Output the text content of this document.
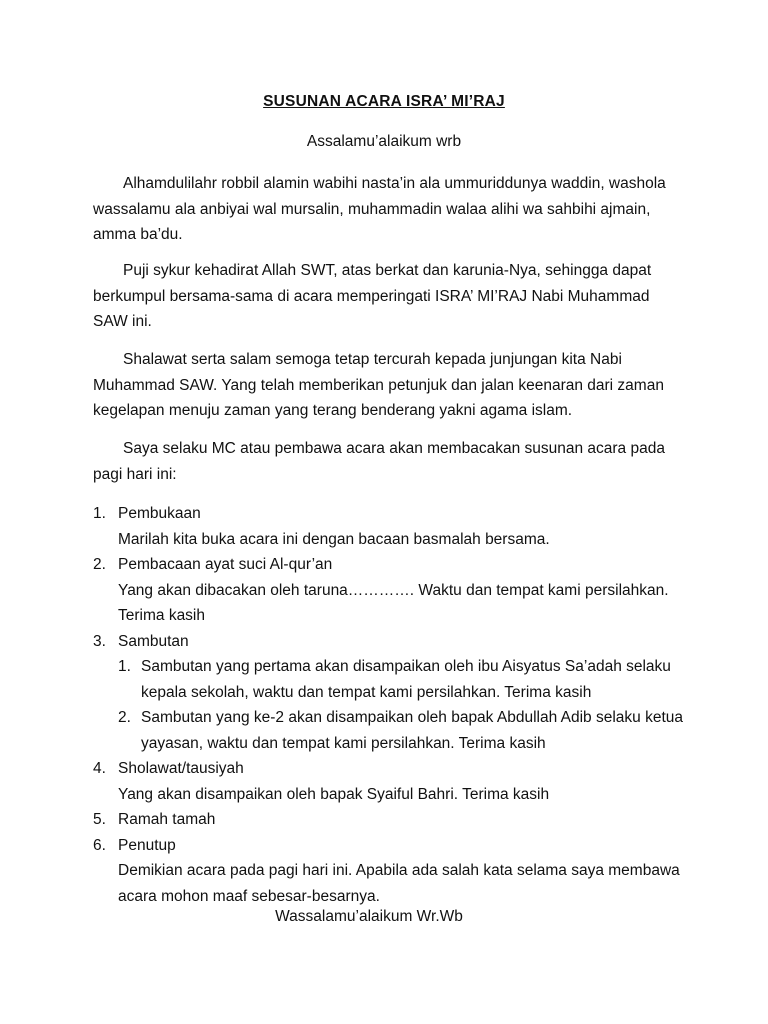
SUSUNAN ACARA ISRA’ MI’RAJ
Assalamu’alaikum wrb

Alhamdulilahr robbil alamin wabihi nasta’in ala ummuriddunya waddin, washola wassalamu ala anbiyai wal mursalin, muhammadin walaa alihi wa sahbihi ajmain, amma ba’du.

Puji sykur kehadirat Allah SWT, atas berkat dan karunia-Nya, sehingga dapat berkumpul bersama-sama di acara memperingati ISRA’ MI’RAJ Nabi Muhammad SAW ini.

Shalawat serta salam semoga tetap tercurah kepada junjungan kita Nabi Muhammad SAW. Yang telah memberikan petunjuk dan jalan keenaran dari zaman kegelapan menuju zaman yang terang benderang yakni agama islam.

Saya selaku MC atau pembawa acara akan membacakan susunan acara pada pagi hari ini:

1. Pembukaan
Marilah kita buka acara ini dengan bacaan basmalah bersama.
2. Pembacaan ayat suci Al-qur’an
Yang akan dibacakan oleh taruna…………. Waktu dan tempat kami persilahkan. Terima kasih
3. Sambutan
1. Sambutan yang pertama akan disampaikan oleh ibu Aisyatus Sa’adah selaku kepala sekolah, waktu dan tempat kami persilahkan. Terima kasih
2. Sambutan yang ke-2 akan disampaikan oleh bapak Abdullah Adib selaku ketua yayasan, waktu dan tempat kami persilahkan. Terima kasih
4. Sholawat/tausiyah
Yang akan disampaikan oleh bapak Syaiful Bahri. Terima kasih
5. Ramah tamah
6. Penutup
Demikian acara pada pagi hari ini. Apabila ada salah kata selama saya membawa acara mohon maaf sebesar-besarnya.
Wassalamu’alaikum Wr.Wb
